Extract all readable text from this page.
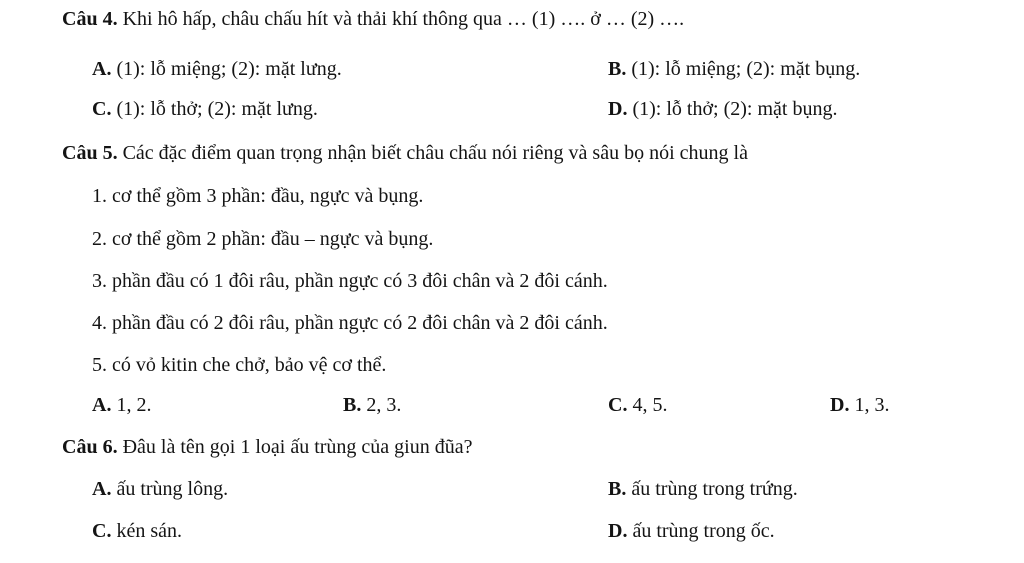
Câu 4. Khi hô hấp, châu chấu hít và thải khí thông qua … (1) …. ở … (2) ….
A. (1): lỗ miệng; (2): mặt lưng.	B. (1): lỗ miệng; (2): mặt bụng.
C. (1): lỗ thở; (2): mặt lưng.	D. (1): lỗ thở; (2): mặt bụng.
Câu 5. Các đặc điểm quan trọng nhận biết châu chấu nói riêng và sâu bọ nói chung là
1. cơ thể gồm 3 phần: đầu, ngực và bụng.
2. cơ thể gồm 2 phần: đầu – ngực và bụng.
3. phần đầu có 1 đôi râu, phần ngực có 3 đôi chân và 2 đôi cánh.
4. phần đầu có 2 đôi râu, phần ngực có 2 đôi chân và 2 đôi cánh.
5. có vỏ kitin che chở, bảo vệ cơ thể.
A. 1, 2.	B. 2, 3.	C. 4, 5.	D. 1, 3.
Câu 6. Đâu là tên gọi 1 loại ấu trùng của giun đũa?
A. ấu trùng lông.	B. ấu trùng trong trứng.
C. kén sán.	D. ấu trùng trong ốc.
